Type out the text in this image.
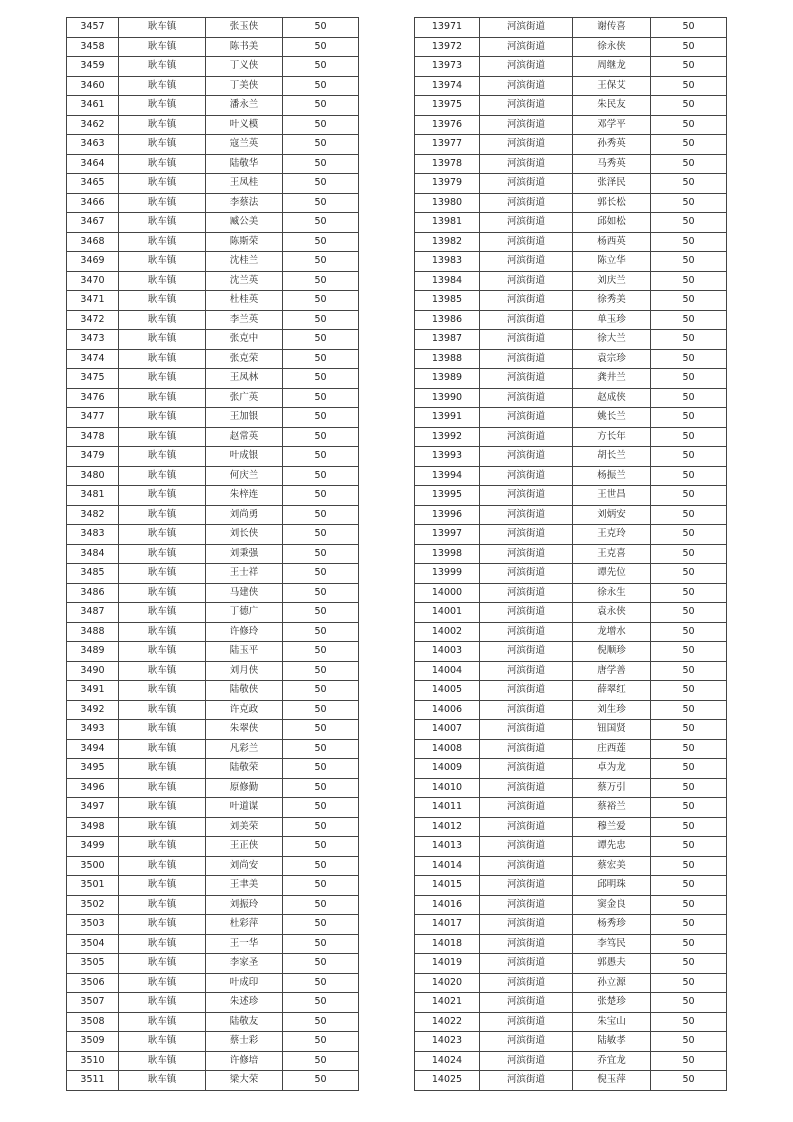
3457	耿车镇	张玉侠	50
3458	耿车镇	陈书美	50
3459	耿车镇	丁义侠	50
3460	耿车镇	丁美侠	50
3461	耿车镇	潘永兰	50
3462	耿车镇	叶义模	50
3463	耿车镇	寇兰英	50
3464	耿车镇	陆敬华	50
3465	耿车镇	王凤桂	50
3466	耿车镇	李蔡法	50
3467	耿车镇	臧公美	50
3468	耿车镇	陈斯荣	50
3469	耿车镇	沈桂兰	50
3470	耿车镇	沈兰英	50
3471	耿车镇	杜桂英	50
3472	耿车镇	李兰英	50
3473	耿车镇	张克中	50
3474	耿车镇	张克荣	50
3475	耿车镇	王凤林	50
3476	耿车镇	张广英	50
3477	耿车镇	王加银	50
3478	耿车镇	赵常英	50
3479	耿车镇	叶成银	50
3480	耿车镇	何庆兰	50
3481	耿车镇	朱梓连	50
3482	耿车镇	刘尚勇	50
3483	耿车镇	刘长侠	50
3484	耿车镇	刘秉强	50
3485	耿车镇	王士祥	50
3486	耿车镇	马建侠	50
3487	耿车镇	丁德广	50
3488	耿车镇	许修玲	50
3489	耿车镇	陆玉平	50
3490	耿车镇	刘月侠	50
3491	耿车镇	陆敬侠	50
3492	耿车镇	许克政	50
3493	耿车镇	朱翠侠	50
3494	耿车镇	凡彩兰	50
3495	耿车镇	陆敬荣	50
3496	耿车镇	原修勤	50
3497	耿车镇	叶道谋	50
3498	耿车镇	刘美荣	50
3499	耿车镇	王正侠	50
3500	耿车镇	刘尚安	50
3501	耿车镇	王聿美	50
3502	耿车镇	刘振玲	50
3503	耿车镇	杜彩萍	50
3504	耿车镇	王一华	50
3505	耿车镇	李家圣	50
3506	耿车镇	叶成印	50
3507	耿车镇	朱述珍	50
3508	耿车镇	陆敬友	50
3509	耿车镇	蔡士彩	50
3510	耿车镇	许修培	50
3511	耿车镇	梁大荣	50
13971	河滨街道	谢传喜	50
13972	河滨街道	徐永侠	50
13973	河滨街道	周继龙	50
13974	河滨街道	王保艾	50
13975	河滨街道	朱民友	50
13976	河滨街道	邓学平	50
13977	河滨街道	孙秀英	50
13978	河滨街道	马秀英	50
13979	河滨街道	张泽民	50
13980	河滨街道	郭长松	50
13981	河滨街道	邱如松	50
13982	河滨街道	杨西英	50
13983	河滨街道	陈立华	50
13984	河滨街道	刘庆兰	50
13985	河滨街道	徐秀美	50
13986	河滨街道	单玉珍	50
13987	河滨街道	徐大兰	50
13988	河滨街道	袁宗珍	50
13989	河滨街道	龚井兰	50
13990	河滨街道	赵成侠	50
13991	河滨街道	姚长兰	50
13992	河滨街道	方长年	50
13993	河滨街道	胡长兰	50
13994	河滨街道	杨振兰	50
13995	河滨街道	王世昌	50
13996	河滨街道	刘炳安	50
13997	河滨街道	王克玲	50
13998	河滨街道	王克喜	50
13999	河滨街道	谭先位	50
14000	河滨街道	徐永生	50
14001	河滨街道	袁永侠	50
14002	河滨街道	龙增水	50
14003	河滨街道	倪顺珍	50
14004	河滨街道	唐学善	50
14005	河滨街道	薛翠红	50
14006	河滨街道	刘生珍	50
14007	河滨街道	钮国贤	50
14008	河滨街道	庄西莲	50
14009	河滨街道	卓为龙	50
14010	河滨街道	蔡万引	50
14011	河滨街道	蔡裕兰	50
14012	河滨街道	穆兰爱	50
14013	河滨街道	谭先忠	50
14014	河滨街道	蔡宏美	50
14015	河滨街道	邱明珠	50
14016	河滨街道	窦金良	50
14017	河滨街道	杨秀珍	50
14018	河滨街道	李笃民	50
14019	河滨街道	郭愚夫	50
14020	河滨街道	孙立源	50
14021	河滨街道	张楚珍	50
14022	河滨街道	朱宝山	50
14023	河滨街道	陆敏孝	50
14024	河滨街道	乔宜龙	50
14025	河滨街道	倪玉萍	50
